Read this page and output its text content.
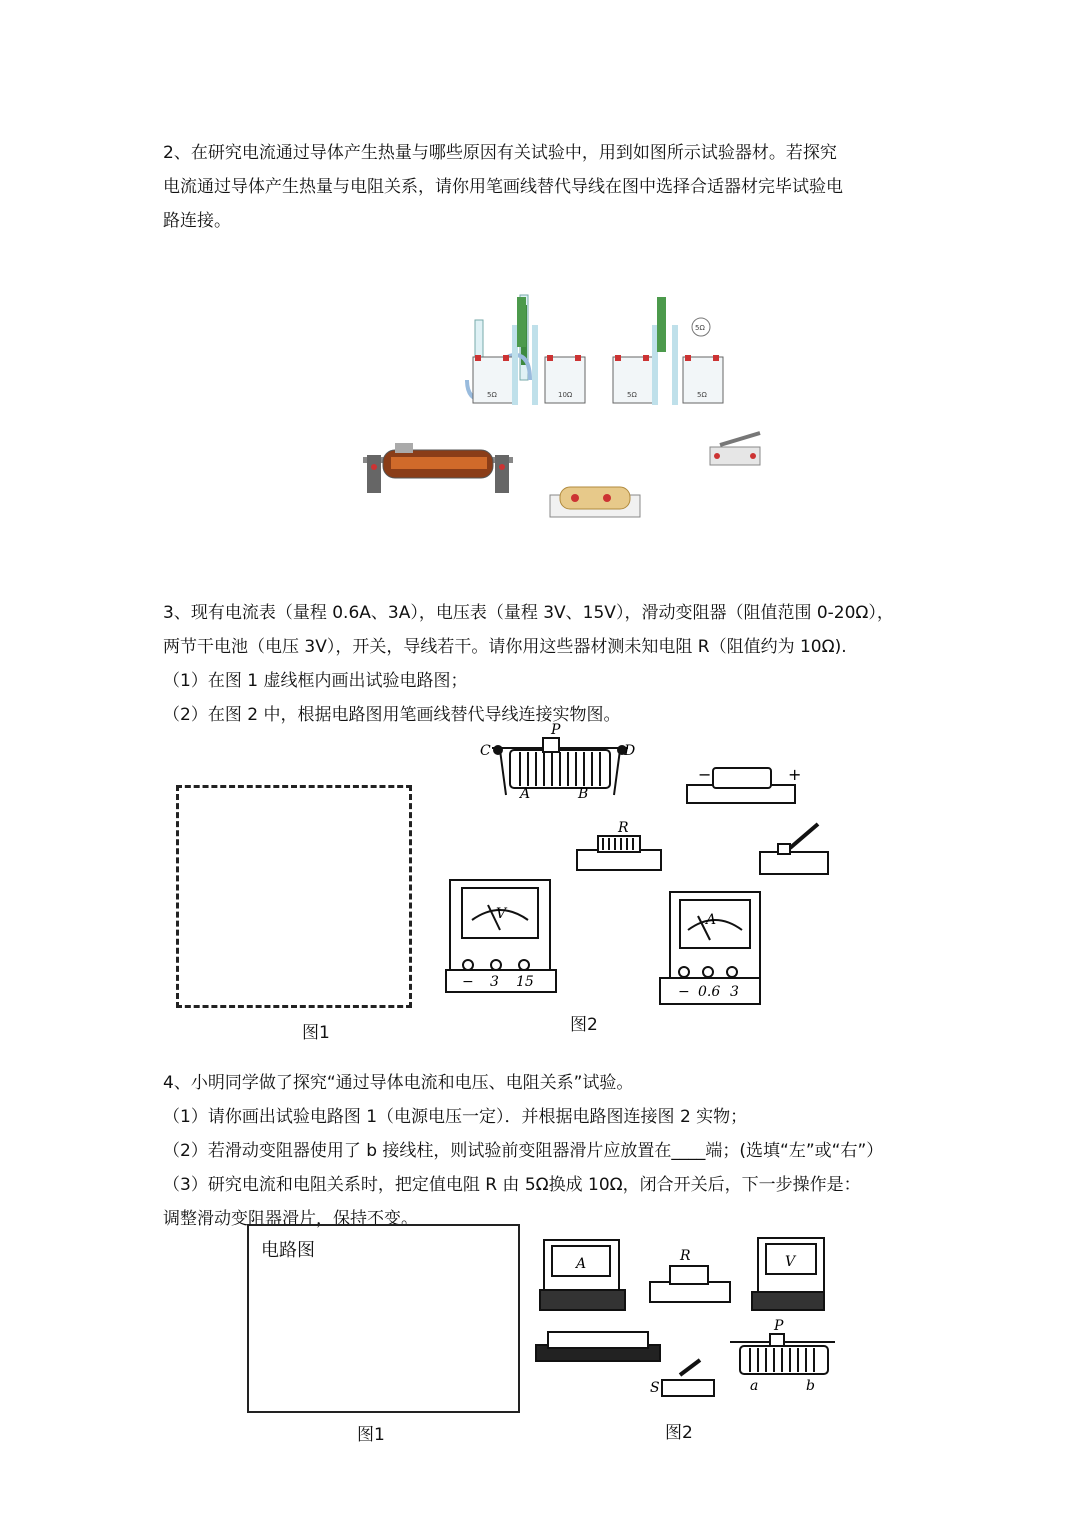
2、在研究电流通过导体产生热量与哪些原因有关试验中，用到如图所示试验器材。若探究
电流通过导体产生热量与电阻关系，请你用笔画线替代导线在图中选择合适器材完毕试验电
路连接。
5Ω	10Ω	5Ω	5Ω
5Ω
3、现有电流表（量程 0.6A、3A），电压表（量程 3V、15V），滑动变阻器（阻值范围 0-20Ω），
两节干电池（电压 3V），开关，导线若干。请你用这些器材测未知电阻 R（阻值约为 10Ω).
（1）在图 1 虚线框内画出试验电路图；
（2）在图 2 中，根据电路图用笔画线替代导线连接实物图。
图1
P
C	D
A	B
−	+
R
V
− 3 15
A
− 0.6 3
图2
4、小明同学做了探究“通过导体电流和电压、电阻关系”试验。
（1）请你画出试验电路图 1（电源电压一定）．并根据电路图连接图 2 实物；
（2）若滑动变阻器使用了 b 接线柱，则试验前变阻器滑片应放置在____端；(选填“左”或“右”）
（3）研究电流和电阻关系时，把定值电阻 R 由 5Ω换成 10Ω，闭合开关后，下一步操作是：
调整滑动变阻器滑片，保持不变。
电路图
图1
A	R	V
S
P
a	b
图2
